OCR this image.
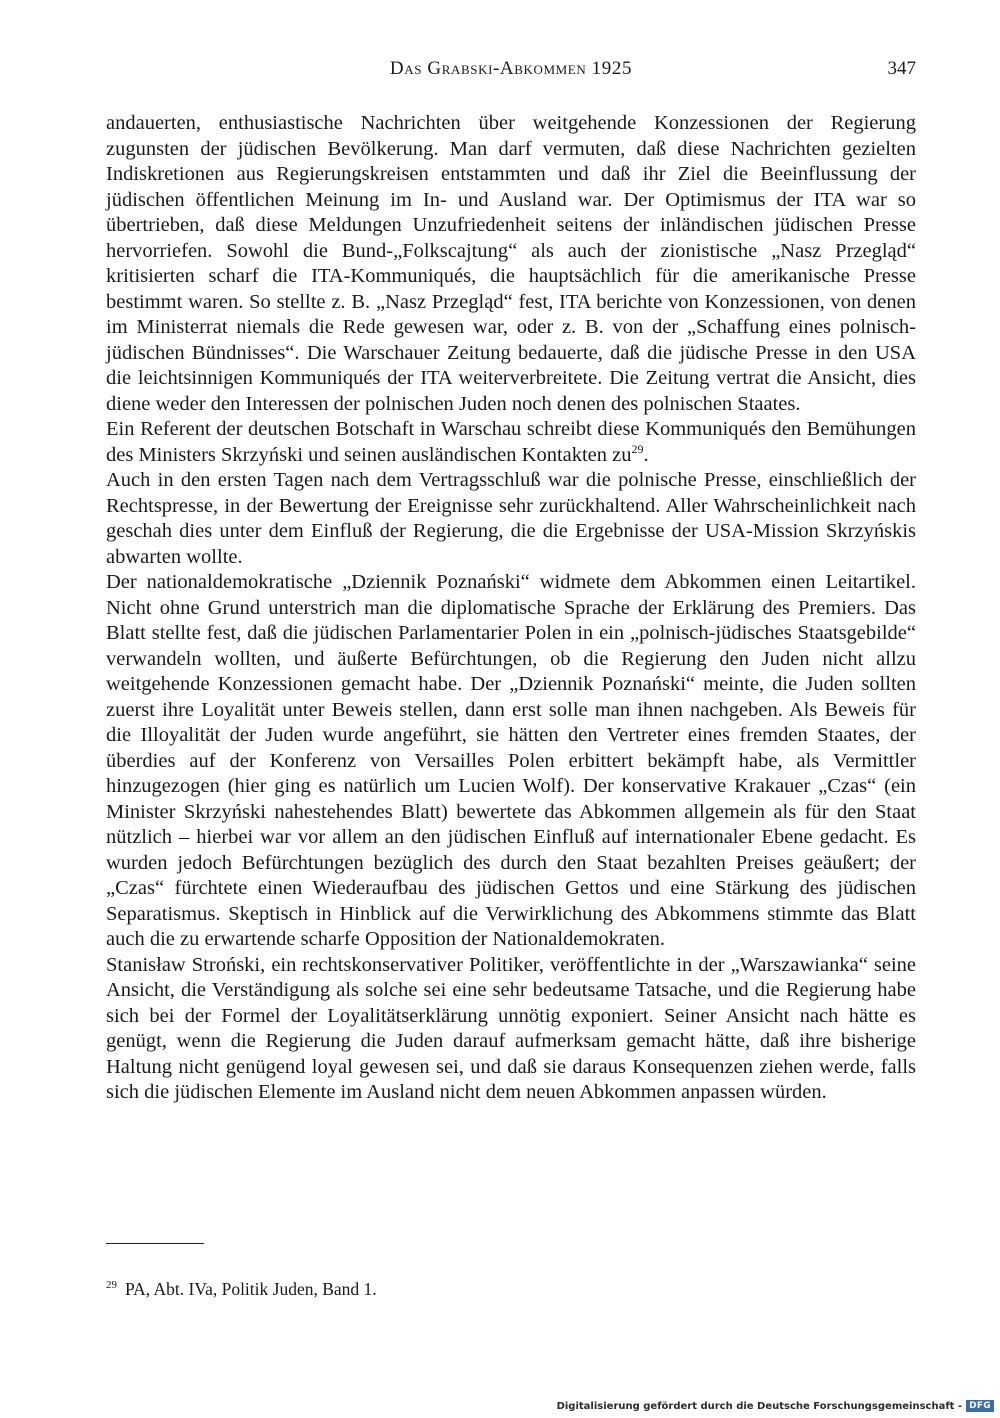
Das Grabski-Abkommen 1925	347

andauerten, enthusiastische Nachrichten über weitgehende Konzessionen der Regierung zugunsten der jüdischen Bevölkerung. Man darf vermuten, daß diese Nachrichten gezielten Indiskretionen aus Regierungskreisen entstammten und daß ihr Ziel die Beeinflussung der jüdischen öffentlichen Meinung im In- und Ausland war. Der Optimismus der ITA war so übertrieben, daß diese Meldungen Unzufriedenheit seitens der inländischen jüdischen Presse hervorriefen. Sowohl die Bund-„Folkscajtung“ als auch der zionistische „Nasz Przegląd“ kritisierten scharf die ITA-Kommuniqués, die hauptsächlich für die amerikanische Presse bestimmt waren. So stellte z. B. „Nasz Przegląd“ fest, ITA berichte von Konzessionen, von denen im Ministerrat niemals die Rede gewesen war, oder z. B. von der „Schaffung eines polnisch-jüdischen Bündnisses“. Die Warschauer Zeitung bedauerte, daß die jüdische Presse in den USA die leichtsinnigen Kommuniqués der ITA weiterverbreitete. Die Zeitung vertrat die Ansicht, dies diene weder den Interessen der polnischen Juden noch denen des polnischen Staates.

Ein Referent der deutschen Botschaft in Warschau schreibt diese Kommuniqués den Bemühungen des Ministers Skrzyński und seinen ausländischen Kontakten zu$^{29}$.

Auch in den ersten Tagen nach dem Vertragsschluß war die polnische Presse, einschließlich der Rechtspresse, in der Bewertung der Ereignisse sehr zurückhaltend. Aller Wahrscheinlichkeit nach geschah dies unter dem Einfluß der Regierung, die die Ergebnisse der USA-Mission Skrzyńskis abwarten wollte.

Der nationaldemokratische „Dziennik Poznański“ widmete dem Abkommen einen Leitartikel. Nicht ohne Grund unterstrich man die diplomatische Sprache der Erklärung des Premiers. Das Blatt stellte fest, daß die jüdischen Parlamentarier Polen in ein „polnisch-jüdisches Staatsgebilde“ verwandeln wollten, und äußerte Befürchtungen, ob die Regierung den Juden nicht allzu weitgehende Konzessionen gemacht habe. Der „Dziennik Poznański“ meinte, die Juden sollten zuerst ihre Loyalität unter Beweis stellen, dann erst solle man ihnen nachgeben. Als Beweis für die Illoyalität der Juden wurde angeführt, sie hätten den Vertreter eines fremden Staates, der überdies auf der Konferenz von Versailles Polen erbittert bekämpft habe, als Vermittler hinzugezogen (hier ging es natürlich um Lucien Wolf). Der konservative Krakauer „Czas“ (ein Minister Skrzyński nahestehendes Blatt) bewertete das Abkommen allgemein als für den Staat nützlich – hierbei war vor allem an den jüdischen Einfluß auf internationaler Ebene gedacht. Es wurden jedoch Befürchtungen bezüglich des durch den Staat bezahlten Preises geäußert; der „Czas“ fürchtete einen Wiederaufbau des jüdischen Gettos und eine Stärkung des jüdischen Separatismus. Skeptisch in Hinblick auf die Verwirklichung des Abkommens stimmte das Blatt auch die zu erwartende scharfe Opposition der Nationaldemokraten.

Stanisław Stroński, ein rechtskonservativer Politiker, veröffentlichte in der „Warszawianka“ seine Ansicht, die Verständigung als solche sei eine sehr bedeutsame Tatsache, und die Regierung habe sich bei der Formel der Loyalitätserklärung unnötig exponiert. Seiner Ansicht nach hätte es genügt, wenn die Regierung die Juden darauf aufmerksam gemacht hätte, daß ihre bisherige Haltung nicht genügend loyal gewesen sei, und daß sie daraus Konsequenzen ziehen werde, falls sich die jüdischen Elemente im Ausland nicht dem neuen Abkommen anpassen würden.

$^{29}$ PA, Abt. IVa, Politik Juden, Band 1.
Digitalisierung gefördert durch die Deutsche Forschungsgemeinschaft - DFG
